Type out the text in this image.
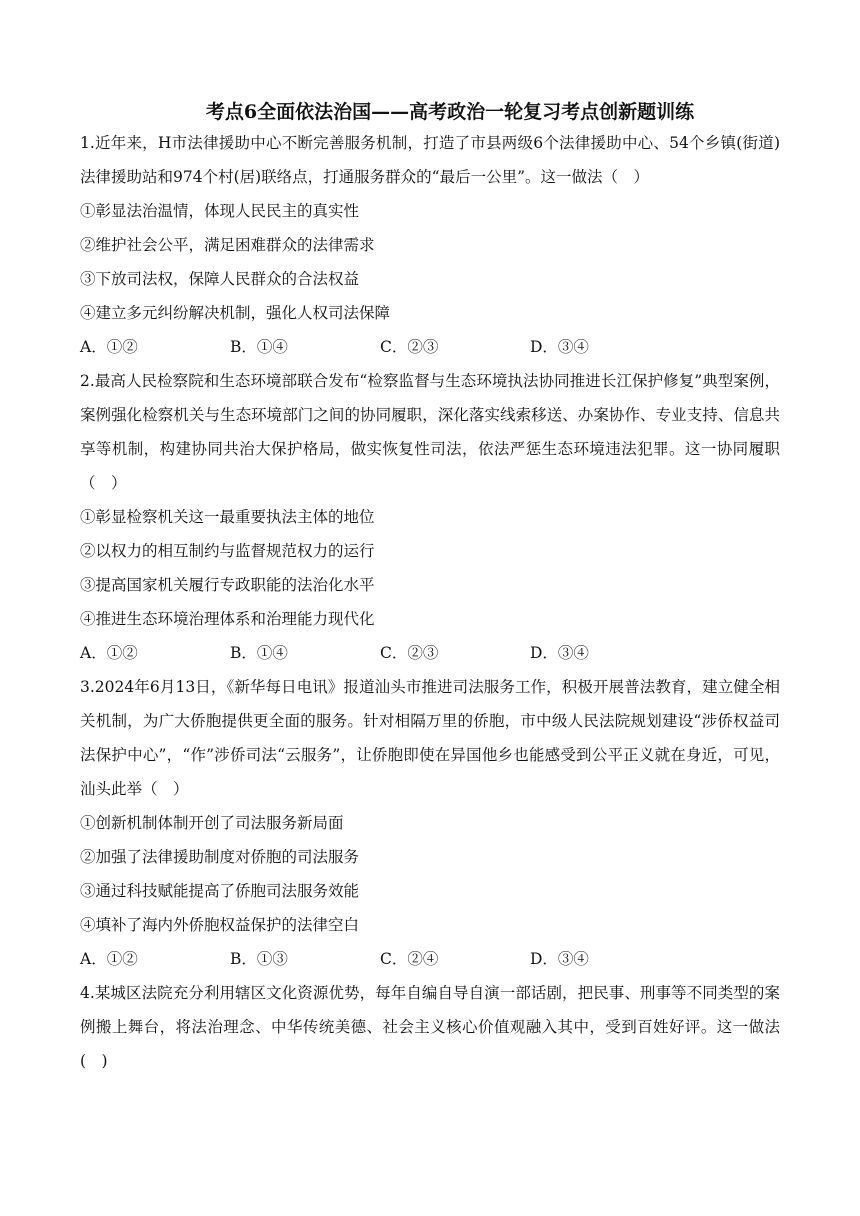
考点6全面依法治国——高考政治一轮复习考点创新题训练

1.近年来，H市法律援助中心不断完善服务机制，打造了市县两级6个法律援助中心、54个乡镇(街道)法律援助站和974个村(居)联络点，打通服务群众的“最后一公里”。这一做法（　）

①彰显法治温情，体现人民民主的真实性

②维护社会公平，满足困难群众的法律需求

③下放司法权，保障人民群众的合法权益

④建立多元纠纷解决机制，强化人权司法保障

A．①②	B．①④	C．②③	D．③④

2.最高人民检察院和生态环境部联合发布“检察监督与生态环境执法协同推进长江保护修复”典型案例，案例强化检察机关与生态环境部门之间的协同履职，深化落实线索移送、办案协作、专业支持、信息共享等机制，构建协同共治大保护格局，做实恢复性司法，依法严惩生态环境违法犯罪。这一协同履职（　）

①彰显检察机关这一最重要执法主体的地位

②以权力的相互制约与监督规范权力的运行

③提高国家机关履行专政职能的法治化水平

④推进生态环境治理体系和治理能力现代化

A．①②	B．①④	C．②③	D．③④

3.2024年6月13日，《新华每日电讯》报道汕头市推进司法服务工作，积极开展普法教育，建立健全相关机制，为广大侨胞提供更全面的服务。针对相隔万里的侨胞，市中级人民法院规划建设“涉侨权益司法保护中心”，“作”涉侨司法“云服务”，让侨胞即使在异国他乡也能感受到公平正义就在身近，可见，汕头此举（　）

①创新机制体制开创了司法服务新局面

②加强了法律援助制度对侨胞的司法服务

③通过科技赋能提高了侨胞司法服务效能

④填补了海内外侨胞权益保护的法律空白

A．①②	B．①③	C．②④	D．③④

4.某城区法院充分利用辖区文化资源优势，每年自编自导自演一部话剧，把民事、刑事等不同类型的案例搬上舞台，将法治理念、中华传统美德、社会主义核心价值观融入其中，受到百姓好评。这一做法(　)
